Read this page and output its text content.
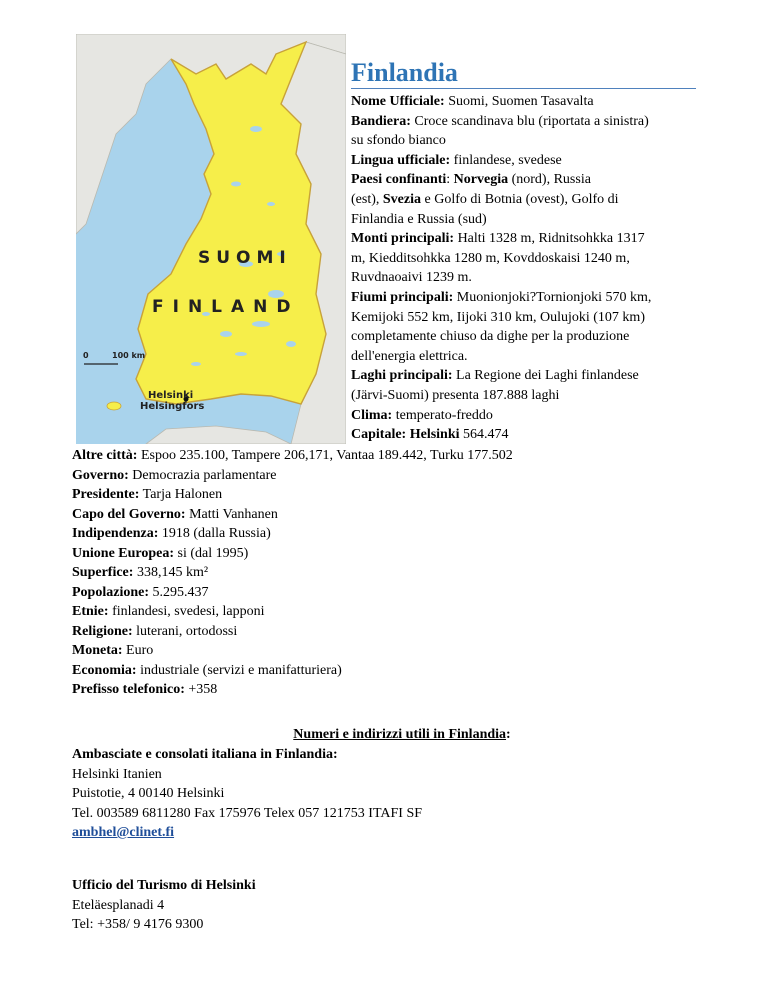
SUOMI
FINLAND
0	100 km
Helsinki
Helsingfors
Finlandia
Nome Ufficiale: Suomi, Suomen Tasavalta
Bandiera: Croce scandinava blu (riportata a sinistra)
su sfondo bianco
Lingua ufficiale: finlandese, svedese
Paesi confinanti: Norvegia (nord), Russia
(est), Svezia e Golfo di Botnia (ovest), Golfo di
Finlandia e Russia (sud)
Monti principali: Halti 1328 m, Ridnitsohkka 1317
m, Kiedditsohkka 1280 m, Kovddoskaisi 1240 m,
Ruvdnaoaivi 1239 m.
Fiumi principali: Muonionjoki?Tornionjoki 570 km,
Kemijoki 552 km, Iijoki 310 km, Oulujoki (107 km)
completamente chiuso da dighe per la produzione
dell'energia elettrica.
Laghi principali: La Regione dei Laghi finlandese
(Järvi-Suomi) presenta 187.888 laghi
Clima: temperato-freddo
Capitale: Helsinki 564.474
Altre città: Espoo 235.100, Tampere 206,171, Vantaa 189.442, Turku 177.502
Governo: Democrazia parlamentare
Presidente: Tarja Halonen
Capo del Governo: Matti Vanhanen
Indipendenza: 1918 (dalla Russia)
Unione Europea: si (dal 1995)
Superfice: 338,145 km²
Popolazione: 5.295.437
Etnie: finlandesi, svedesi, lapponi
Religione: luterani, ortodossi
Moneta: Euro
Economia: industriale (servizi e manifatturiera)
Prefisso telefonico: +358
Numeri e indirizzi utili in Finlandia:
Ambasciate e consolati italiana in Finlandia:
Helsinki Itanien
Puistotie, 4 00140 Helsinki
Tel. 003589 6811280 Fax 175976 Telex 057 121753 ITAFI SF
ambhel@clinet.fi
Ufficio del Turismo di Helsinki
Eteläesplanadi 4
Tel: +358/ 9 4176 9300
